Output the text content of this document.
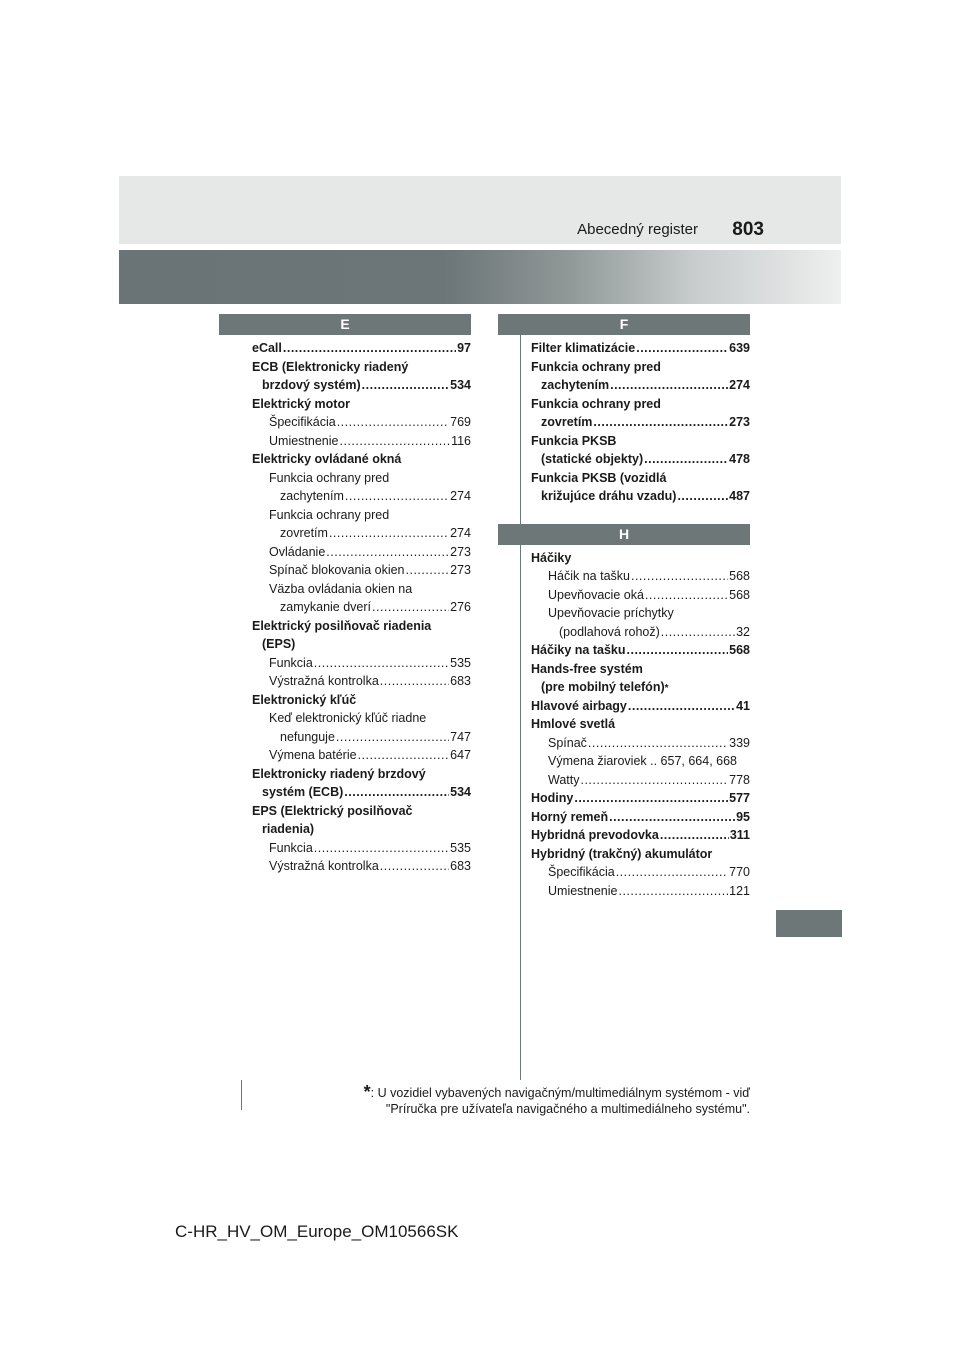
Abecedný register 803
E
eCall .....	97
ECB (Elektronicky riadený
brzdový systém) .....	534
Elektrický motor
Špecifikácia .....	769
Umiestnenie .....	116
Elektricky ovládané okná
Funkcia ochrany pred
zachytením .....	274
Funkcia ochrany pred
zovretím .....	274
Ovládanie .....	273
Spínač blokovania okien .....	273
Väzba ovládania okien na
zamykanie dverí .....	276
Elektrický posilňovač riadenia
(EPS)
Funkcia .....	535
Výstražná kontrolka .....	683
Elektronický kľúč
Keď elektronický kľúč riadne
nefunguje .....	747
Výmena batérie .....	647
Elektronicky riadený brzdový
systém (ECB) .....	534
EPS (Elektrický posilňovač
riadenia)
Funkcia .....	535
Výstražná kontrolka .....	683
F
Filter klimatizácie .....	639
Funkcia ochrany pred
zachytením .....	274
Funkcia ochrany pred
zovretím .....	273
Funkcia PKSB
(statické objekty) .....	478
Funkcia PKSB (vozidlá
križujúce dráhu vzadu) .....	487
H
Háčiky
Háčik na tašku .....	568
Upevňovacie oká .....	568
Upevňovacie príchytky
(podlahová rohož) .....	32
Háčiky na tašku .....	568
Hands-free systém
(pre mobilný telefón) *
Hlavové airbagy .....	41
Hmlové svetlá
Spínač .....	339
Výmena žiaroviek .. 657, 664, 668
Watty .....	778
Hodiny .....	577
Horný remeň .....	95
Hybridná prevodovka .....	311
Hybridný (trakčný) akumulátor
Špecifikácia .....	770
Umiestnenie .....	121
*: U vozidiel vybavených navigačným/multimediálnym systémom - viď
"Príručka pre užívateľa navigačného a multimediálneho systému".
C-HR_HV_OM_Europe_OM10566SK
